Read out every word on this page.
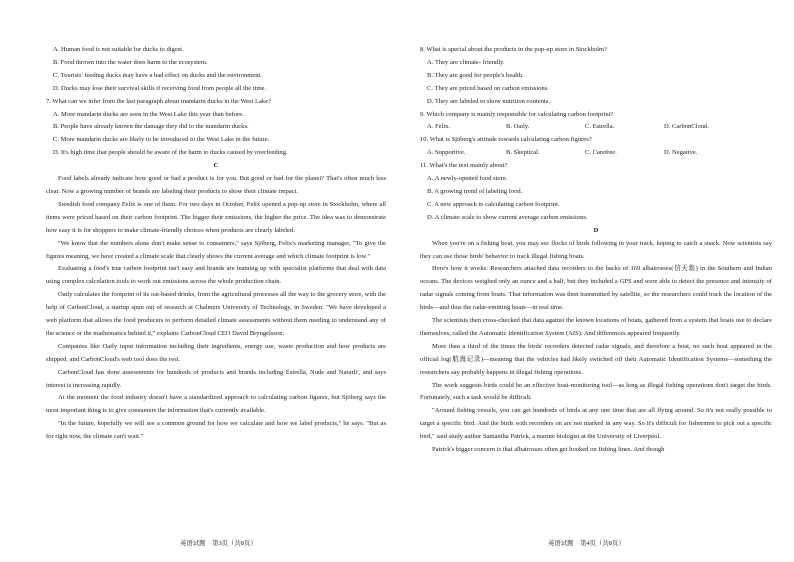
A. Human food is not suitable for ducks to digest.

B. Food thrown into the water does harm to the ecosystem.

C. Tourists' feeding ducks may have a bad effect on ducks and the environment.

D. Ducks may lose their survival skills if receiving food from people all the time.

7. What can we infer from the last paragraph about mandarin ducks in the West Lake?

A. More mandarin ducks are seen in the West Lake this year than before.

B. People have already known the damage they did to the mandarin ducks.

C. More mandarin ducks are likely to be introduced to the West Lake in the future.

D. It's high time that people should be aware of the harm to ducks caused by overfeeding.

C

Food labels already indicate how good or bad a product is for you. But good or bad for the planet? That's often much less clear. Now a growing number of brands are labeling their products to show their climate impact.

Swedish food company Felix is one of them. For two days in October, Felix opened a pop-up store in Stockholm, where all items were priced based on their carbon footprint. The bigger their emissions, the higher the price. The idea was to demonstrate how easy it is for shoppers to make climate-friendly choices when products are clearly labeled.

"We know that the numbers alone don't make sense to consumers," says Sjöberg, Felix's marketing manager, "To give the figures meaning, we have created a climate scale that clearly shows the current average and which climate footprint is low."

Evaluating a food's true carbon footprint isn't easy and brands are teaming up with specialist platforms that deal with data using complex calculation tools to work out emissions across the whole production chain.

Oatly calculates the footprint of its oat-based drinks, from the agricultural processes all the way to the grocery store, with the help of CarbonCloud, a startup spun out of research at Chalmers University of Technology, in Sweden. "We have developed a web platform that allows the food producers to perform detailed climate assessments without them needing to understand any of the science or the mathematics behind it," explains CarbonCloud CEO David Bryngelsson.

Companies like Oatly input information including their ingredients, energy use, waste production and how products are shipped, and CarbonCloud's web tool does the rest.

CarbonCloud has done assessments for hundreds of products and brands including Estrella, Nude and Naturli', and says interest is increasing rapidly.

At the moment the food industry doesn't have a standardized approach to calculating carbon figures, but Sjöberg says the most important thing is to give consumers the information that's currently available.

"In the future, hopefully we will see a common ground for how we calculate and how we label products," he says. "But as for right now, the climate can't wait."

8. What is special about the products in the pop-up store in Stockholm?

A. They are climate- friendly.

B. They are good for people's health.

C. They are priced based on carbon emissions.

D. They are labeled to show nutrition contents.

9. Which company is mainly responsible for calculating carbon footprint?

A. Felix.	B. Oatly.	C. Estrella.	D. CarbonCloud.

10. What is Sjöberg's attitude towards calculating carbon figures?

A. Supportive.	B. Skeptical.	C. Carefree.	D. Negative.

11. What's the text mainly about?

A. A newly-opened food store.

B. A growing trend of labeling food.

C. A new approach to calculating carbon footprint.

D. A climate scale to show current average carbon emissions.

D

When you're on a fishing boat, you may see flocks of birds following in your track, hoping to catch a snack. Now scientists say they can use those birds' behavior to track illegal fishing boats.

Here's how it works: Researchers attached data recorders to the backs of 169 albatrosses(信天翁) in the Southern and Indian oceans. The devices weighed only an ounce and a half, but they included a GPS and were able to detect the presence and intensity of radar signals coming from boats. That information was then transmitted by satellite, so the researchers could track the location of the birds—and thus the radar-emitting boats—in real time.

The scientists then cross-checked that data against the known locations of boats, gathered from a system that boats use to declare themselves, called the Automatic Identification System (AIS). And differences appeared frequently.

More than a third of the times the birds' recorders detected radar signals, and therefore a boat, no such boat appeared in the official log(航海记录)—meaning that the vehicles had likely switched off their Automatic Identification Systems—something the researchers say probably happens in illegal fishing operations.

The work suggests birds could be an effective boat-monitoring tool—as long as illegal fishing operations don't target the birds. Fortunately, such a task would be difficult.

"Around fishing vessels, you can get hundreds of birds at any one time that are all flying around. So it's not really possible to target a specific bird. And the birds with recorders on are not marked in any way. So it's difficult for fishermen to pick out a specific bird," said study author Samantha Patrick, a marine biologist at the University of Liverpool.

Patrick's bigger concern is that albatrosses often get hooked on fishing lines. And though

英语试题　第3页（共8页）	英语试题　第4页（共8页）
